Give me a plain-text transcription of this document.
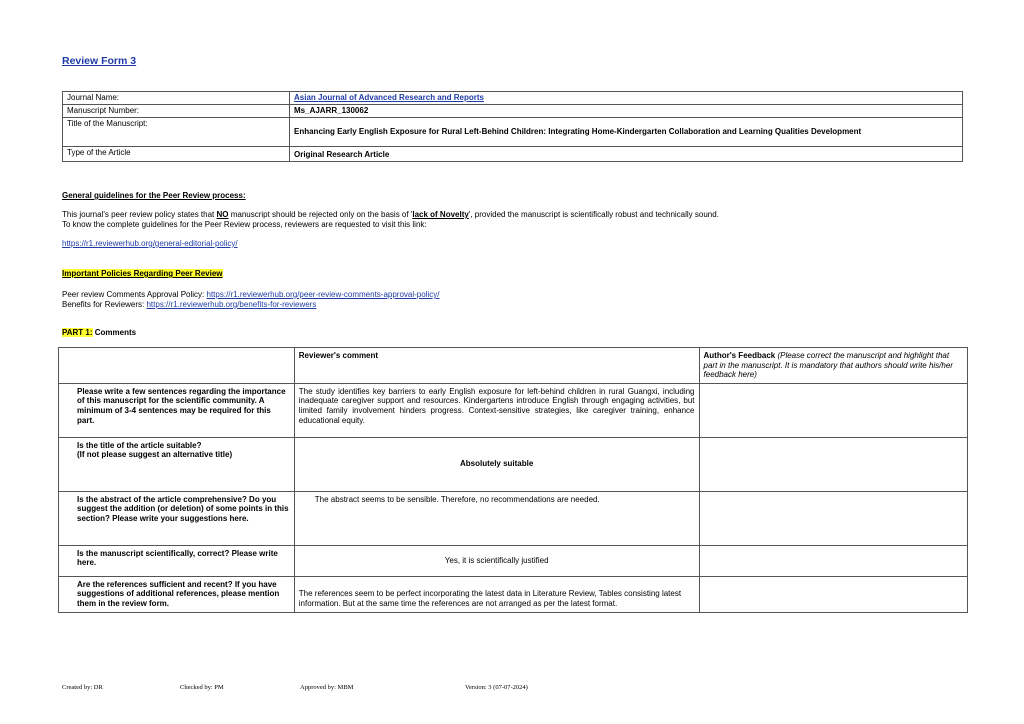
Review Form 3
Journal Name:	Asian Journal of Advanced Research and Reports
Manuscript Number:	Ms_AJARR_130062
Title of the Manuscript:	Enhancing Early English Exposure for Rural Left-Behind Children: Integrating Home-Kindergarten Collaboration and Learning Qualities Development
Type of the Article	Original Research Article
General guidelines for the Peer Review process:
This journal's peer review policy states that NO manuscript should be rejected only on the basis of 'lack of Novelty', provided the manuscript is scientifically robust and technically sound.
To know the complete guidelines for the Peer Review process, reviewers are requested to visit this link:
https://r1.reviewerhub.org/general-editorial-policy/
Important Policies Regarding Peer Review
Peer review Comments Approval Policy: https://r1.reviewerhub.org/peer-review-comments-approval-policy/
Benefits for Reviewers: https://r1.reviewerhub.org/benefits-for-reviewers
PART 1: Comments
	Reviewer's comment	Author's Feedback (Please correct the manuscript and highlight that part in the manuscript. It is mandatory that authors should write his/her feedback here)
Please write a few sentences regarding the importance of this manuscript for the scientific community. A minimum of 3-4 sentences may be required for this part.	The study identifies key barriers to early English exposure for left-behind children in rural Guangxi, including inadequate caregiver support and resources. Kindergartens introduce English through engaging activities, but limited family involvement hinders progress. Context-sensitive strategies, like caregiver training, enhance educational equity.	
Is the title of the article suitable?
(If not please suggest an alternative title)	Absolutely suitable	
Is the abstract of the article comprehensive? Do you suggest the addition (or deletion) of some points in this section? Please write your suggestions here.	The abstract seems to be sensible. Therefore, no recommendations are needed.	
Is the manuscript scientifically, correct? Please write here.	Yes, it is scientifically justified	
Are the references sufficient and recent? If you have suggestions of additional references, please mention them in the review form.	The references seem to be perfect incorporating the latest data in Literature Review, Tables consisting latest information. But at the same time the references are not arranged as per the latest format.	
Created by: DR	Checked by: PM	Approved by: MBM	Version: 3 (07-07-2024)
